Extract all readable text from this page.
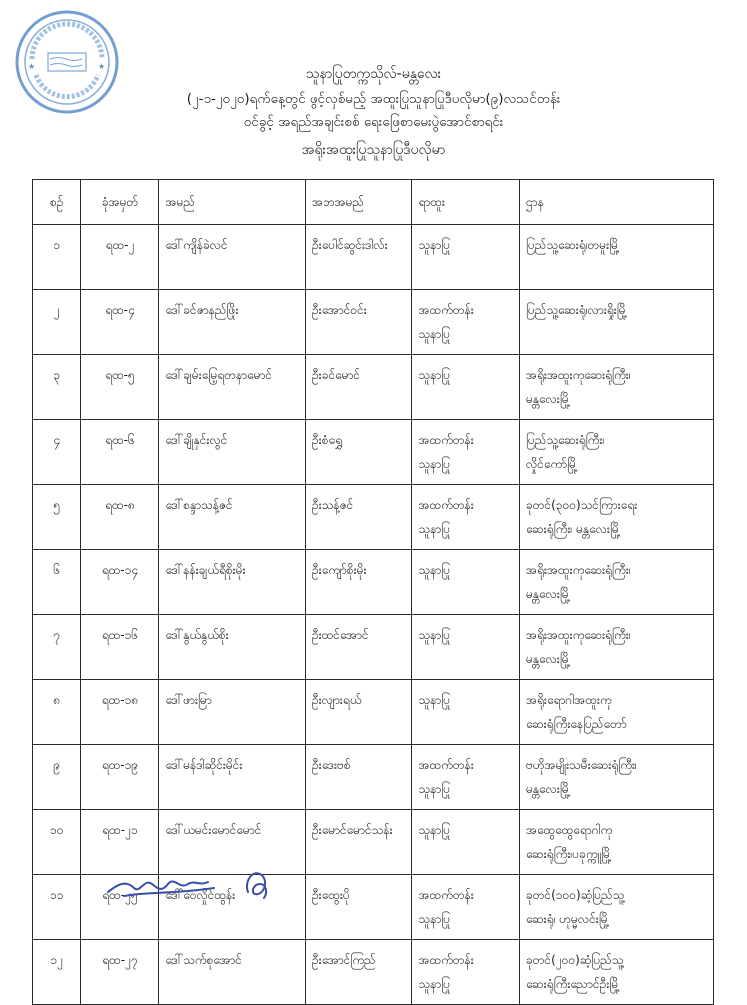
★	★	သူနာပြုတက္ကသိုလ်-မန္တလေး
(၂-၁-၂၀၂၀)ရက်နေ့တွင် ဖွင့်လှစ်မည့် အထူးပြုသူနာပြုဒီပလိုမာ(၉)လသင်တန်း
ဝင်ခွင့် အရည်အချင်းစစ် ရေးဖြေစာမေးပွဲအောင်စာရင်း
အရိုးအထူးပြုသူနာပြုဒီပလိုမာ
စဉ်	ခုံအမှတ်	အမည်	အဘအမည်	ရာထူး	ဌာန
၁	ရထ-၂	ဒေါ်ကျိန်ခဲလင်	ဦးပေါင်ဆွင်းဒါလ်း	သူနာပြု	ပြည်သူ့ဆေးရုံ၊တမူးမြို့

၂	ရထ-၄	ဒေါ်ခင်ဇာနည်ဖြိုး	ဦးအောင်ဝင်း	အထက်တန်း
သူနာပြု	ပြည်သူ့ဆေးရုံ၊လားရှိုးမြို့

၃	ရထ-၅	ဒေါ်ချမ်းမြေ့ရတနာမောင်	ဦးခင်မောင်	သူနာပြု	အရိုးအထူးကုဆေးရုံကြီး၊
မန္တလေးမြို့

၄	ရထ-၆	ဒေါ်ချိုနှင်းလွင်	ဦးစံရွှေ	အထက်တန်း
သူနာပြု	ပြည်သူ့ဆေးရုံကြီး၊
လှိုင်ကော်မြို့

၅	ရထ-၈	ဒေါ်စန္ဒာသန့်ဇင်	ဦးသန့်ဇင်	အထက်တန်း
သူနာပြု	ခုတင်(၃၀၀)သင်ကြားရေး
ဆေးရုံကြီး၊ မန္တလေးမြို့

၆	ရထ-၁၄	ဒေါ်နန်းချယ်ရီစိုးမိုး	ဦးကျော်စိုးမိုး	သူနာပြု	အရိုးအထူးကုဆေးရုံကြီး၊
မန္တလေးမြို့

၇	ရထ-၁၆	ဒေါ်နွယ်နွယ်စိုး	ဦးထင်အောင်	သူနာပြု	အရိုးအထူးကုဆေးရုံကြီး၊
မန္တလေးမြို့

၈	ရထ-၁၈	ဒေါ်ဖားမြာ	ဦးလျားရယ်	သူနာပြု	အရိုးရောဂါအထူးကု
ဆေးရုံကြီးနေပြည်တော်

၉	ရထ-၁၉	ဒေါ်မန်ဒါဆိုင်းမိုင်း	ဦးဒေးဗစ်	အထက်တန်း
သူနာပြု	ဗဟိုအမျိုးသမီးဆေးရုံကြီး၊
မန္တလေးမြို့

၁၀	ရထ-၂၁	ဒေါ်ယမင်းမောင်မောင်	ဦးမောင်မောင်သန်း	သူနာပြု	အထွေထွေရောဂါကု
ဆေးရုံကြီး၊ပခုက္ကူမြို့

၁၁	ရထ-၂၅	ဒေါ်ဝေလှိုင်ထွန်း	ဦးထွေးပို	အထက်တန်း
သူနာပြု	ခုတင်(၁၀၀)ဆံ့ပြည်သူ့
ဆေးရုံ၊ ဟုမ္မလင်းမြို့

၁၂	ရထ-၂၇	ဒေါ်သက်စုအောင်	ဦးအောင်ကြည်	အထက်တန်း
သူနာပြု	ခုတင်(၂၀၀)ဆံ့ပြည်သူ့
ဆေးရုံကြီးညောင်ဦးမြို့
